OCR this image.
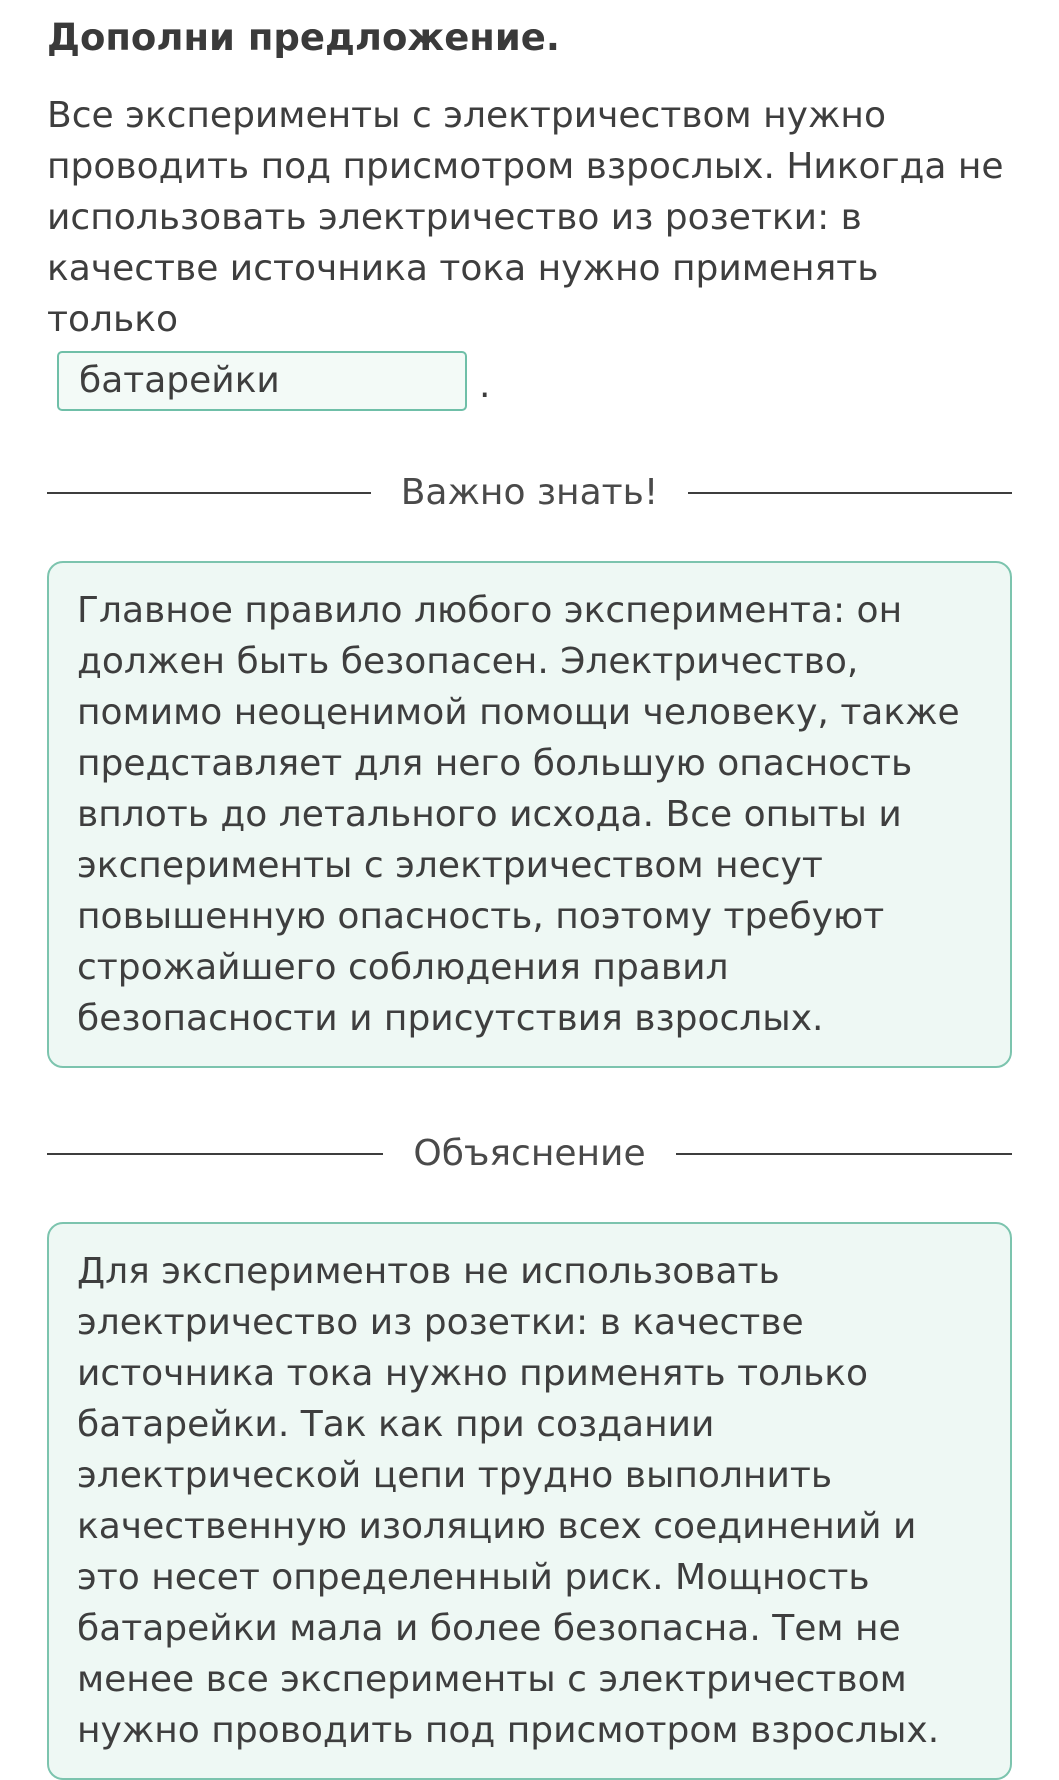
Дополни предложение.
Все эксперименты с электричеством нужно проводить под присмотром взрослых. Никогда не использовать электричество из розетки: в качестве источника тока нужно применять только
батарейки	.
Важно знать!
Главное правило любого эксперимента: он должен быть безопасен. Электричество, помимо неоценимой помощи человеку, также представляет для него большую опасность вплоть до летального исхода. Все опыты и эксперименты с электричеством несут повышенную опасность, поэтому требуют строжайшего соблюдения правил безопасности и присутствия взрослых.
Объяснение
Для экспериментов не использовать электричество из розетки: в качестве источника тока нужно применять только батарейки. Так как при создании электрической цепи трудно выполнить качественную изоляцию всех соединений и это несет определенный риск. Мощность батарейки мала и более безопасна. Тем не менее все эксперименты с электричеством нужно проводить под присмотром взрослых.
